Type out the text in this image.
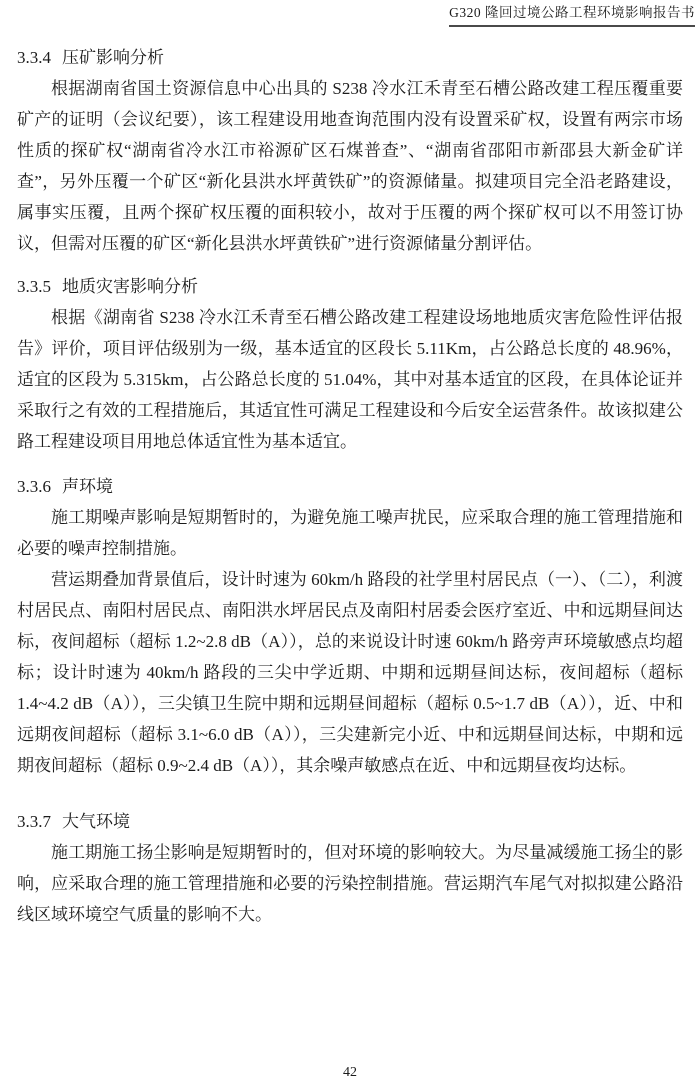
G320 隆回过境公路工程环境影响报告书
3.3.4 压矿影响分析

根据湖南省国土资源信息中心出具的 S238 冷水江禾青至石槽公路改建工程压覆重要矿产的证明（会议纪要），该工程建设用地查询范围内没有设置采矿权，设置有两宗市场性质的探矿权“湖南省冷水江市裕源矿区石煤普查”、“湖南省邵阳市新邵县大新金矿详查”，另外压覆一个矿区“新化县洪水坪黄铁矿”的资源储量。拟建项目完全沿老路建设，属事实压覆，且两个探矿权压覆的面积较小，故对于压覆的两个探矿权可以不用签订协议，但需对压覆的矿区“新化县洪水坪黄铁矿”进行资源储量分割评估。

3.3.5 地质灾害影响分析

根据《湖南省 S238 冷水江禾青至石槽公路改建工程建设场地地质灾害危险性评估报告》评价，项目评估级别为一级，基本适宜的区段长 5.11Km，占公路总长度的 48.96%，适宜的区段为 5.315km，占公路总长度的 51.04%，其中对基本适宜的区段，在具体论证并采取行之有效的工程措施后，其适宜性可满足工程建设和今后安全运营条件。故该拟建公路工程建设项目用地总体适宜性为基本适宜。

3.3.6 声环境

施工期噪声影响是短期暂时的，为避免施工噪声扰民，应采取合理的施工管理措施和必要的噪声控制措施。

营运期叠加背景值后，设计时速为 60km/h 路段的社学里村居民点（一）、（二），利渡村居民点、南阳村居民点、南阳洪水坪居民点及南阳村居委会医疗室近、中和远期昼间达标，夜间超标（超标 1.2~2.8 dB（A）），总的来说设计时速 60km/h 路旁声环境敏感点均超标；设计时速为 40km/h 路段的三尖中学近期、中期和远期昼间达标，夜间超标（超标 1.4~4.2 dB（A）），三尖镇卫生院中期和远期昼间超标（超标 0.5~1.7 dB（A）），近、中和远期夜间超标（超标 3.1~6.0 dB（A）），三尖建新完小近、中和远期昼间达标，中期和远期夜间超标（超标 0.9~2.4 dB（A）），其余噪声敏感点在近、中和远期昼夜均达标。

3.3.7 大气环境

施工期施工扬尘影响是短期暂时的，但对环境的影响较大。为尽量减缓施工扬尘的影响，应采取合理的施工管理措施和必要的污染控制措施。营运期汽车尾气对拟拟建公路沿线区域环境空气质量的影响不大。

42
